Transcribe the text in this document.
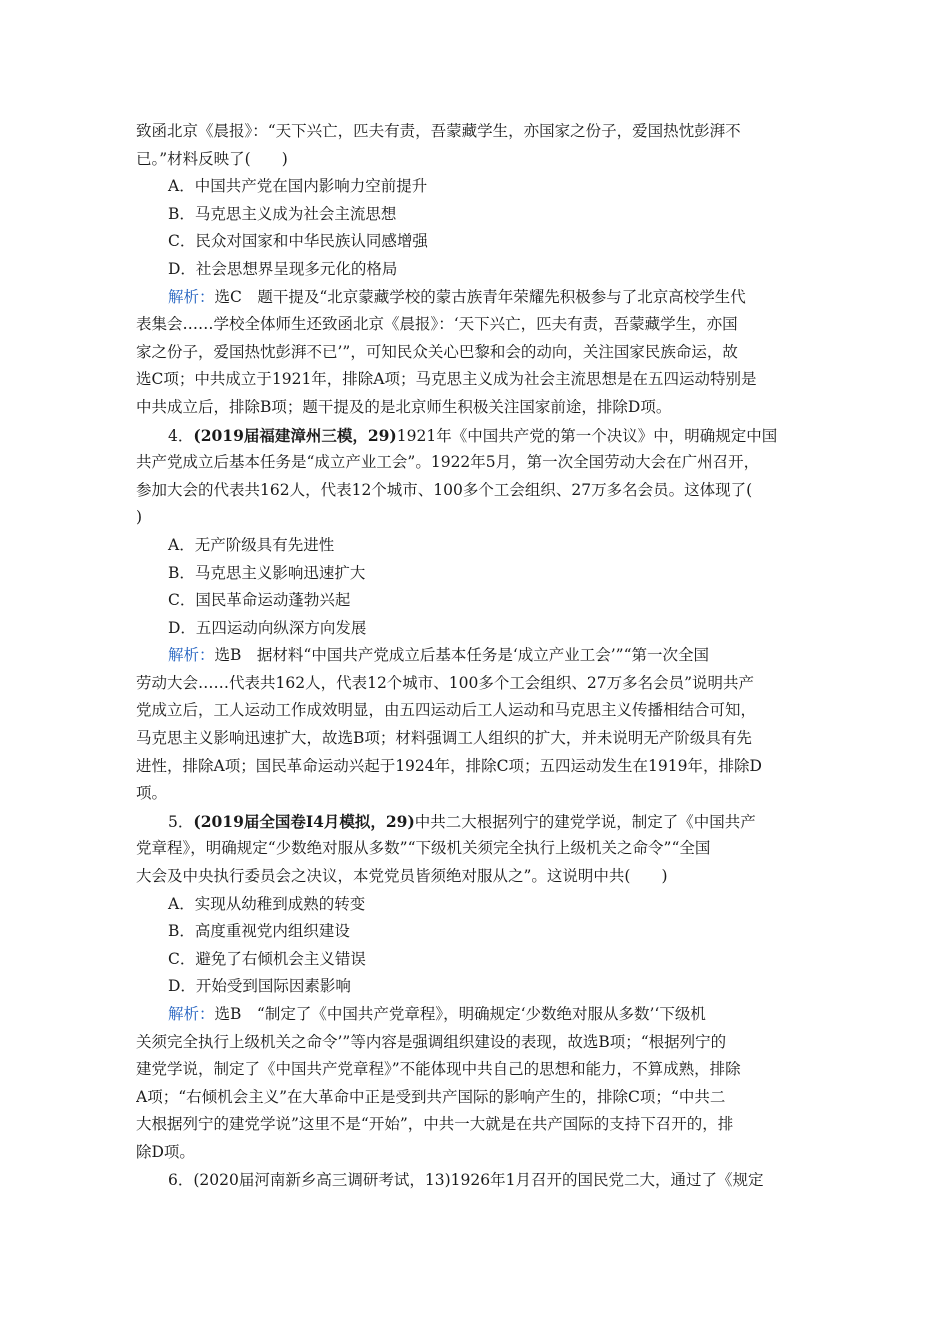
致函北京《晨报》：“天下兴亡，匹夫有责，吾蒙藏学生，亦国家之份子，爱国热忱彭湃不
已。”材料反映了(　　)
A．中国共产党在国内影响力空前提升
B．马克思主义成为社会主流思想
C．民众对国家和中华民族认同感增强
D．社会思想界呈现多元化的格局
解析：选C　题干提及“北京蒙藏学校的蒙古族青年荣耀先积极参与了北京高校学生代
表集会……学校全体师生还致函北京《晨报》：‘天下兴亡，匹夫有责，吾蒙藏学生，亦国
家之份子，爱国热忱彭湃不已’”，可知民众关心巴黎和会的动向，关注国家民族命运，故
选C项；中共成立于1921年，排除A项；马克思主义成为社会主流思想是在五四运动特别是
中共成立后，排除B项；题干提及的是北京师生积极关注国家前途，排除D项。
4．(2019届福建漳州三模，29)1921年《中国共产党的第一个决议》中，明确规定中国
共产党成立后基本任务是“成立产业工会”。1922年5月，第一次全国劳动大会在广州召开，
参加大会的代表共162人，代表12个城市、100多个工会组织、27万多名会员。这体现了(
)
A．无产阶级具有先进性
B．马克思主义影响迅速扩大
C．国民革命运动蓬勃兴起
D．五四运动向纵深方向发展
解析：选B　据材料“中国共产党成立后基本任务是‘成立产业工会’”“第一次全国
劳动大会……代表共162人，代表12个城市、100多个工会组织、27万多名会员”说明共产
党成立后，工人运动工作成效明显，由五四运动后工人运动和马克思主义传播相结合可知，
马克思主义影响迅速扩大，故选B项；材料强调工人组织的扩大，并未说明无产阶级具有先
进性，排除A项；国民革命运动兴起于1924年，排除C项；五四运动发生在1919年，排除D
项。
5．(2019届全国卷Ⅰ4月模拟，29)中共二大根据列宁的建党学说，制定了《中国共产
党章程》，明确规定“少数绝对服从多数”“下级机关须完全执行上级机关之命令”“全国
大会及中央执行委员会之决议，本党党员皆须绝对服从之”。这说明中共(　　)
A．实现从幼稚到成熟的转变
B．高度重视党内组织建设
C．避免了右倾机会主义错误
D．开始受到国际因素影响
解析：选B　“制定了《中国共产党章程》，明确规定‘少数绝对服从多数’‘下级机
关须完全执行上级机关之命令’”等内容是强调组织建设的表现，故选B项；“根据列宁的
建党学说，制定了《中国共产党章程》”不能体现中共自己的思想和能力，不算成熟，排除
A项；“右倾机会主义”在大革命中正是受到共产国际的影响产生的，排除C项；“中共二
大根据列宁的建党学说”这里不是“开始”，中共一大就是在共产国际的支持下召开的，排
除D项。
6．(2020届河南新乡高三调研考试，13)1926年1月召开的国民党二大，通过了《规定
